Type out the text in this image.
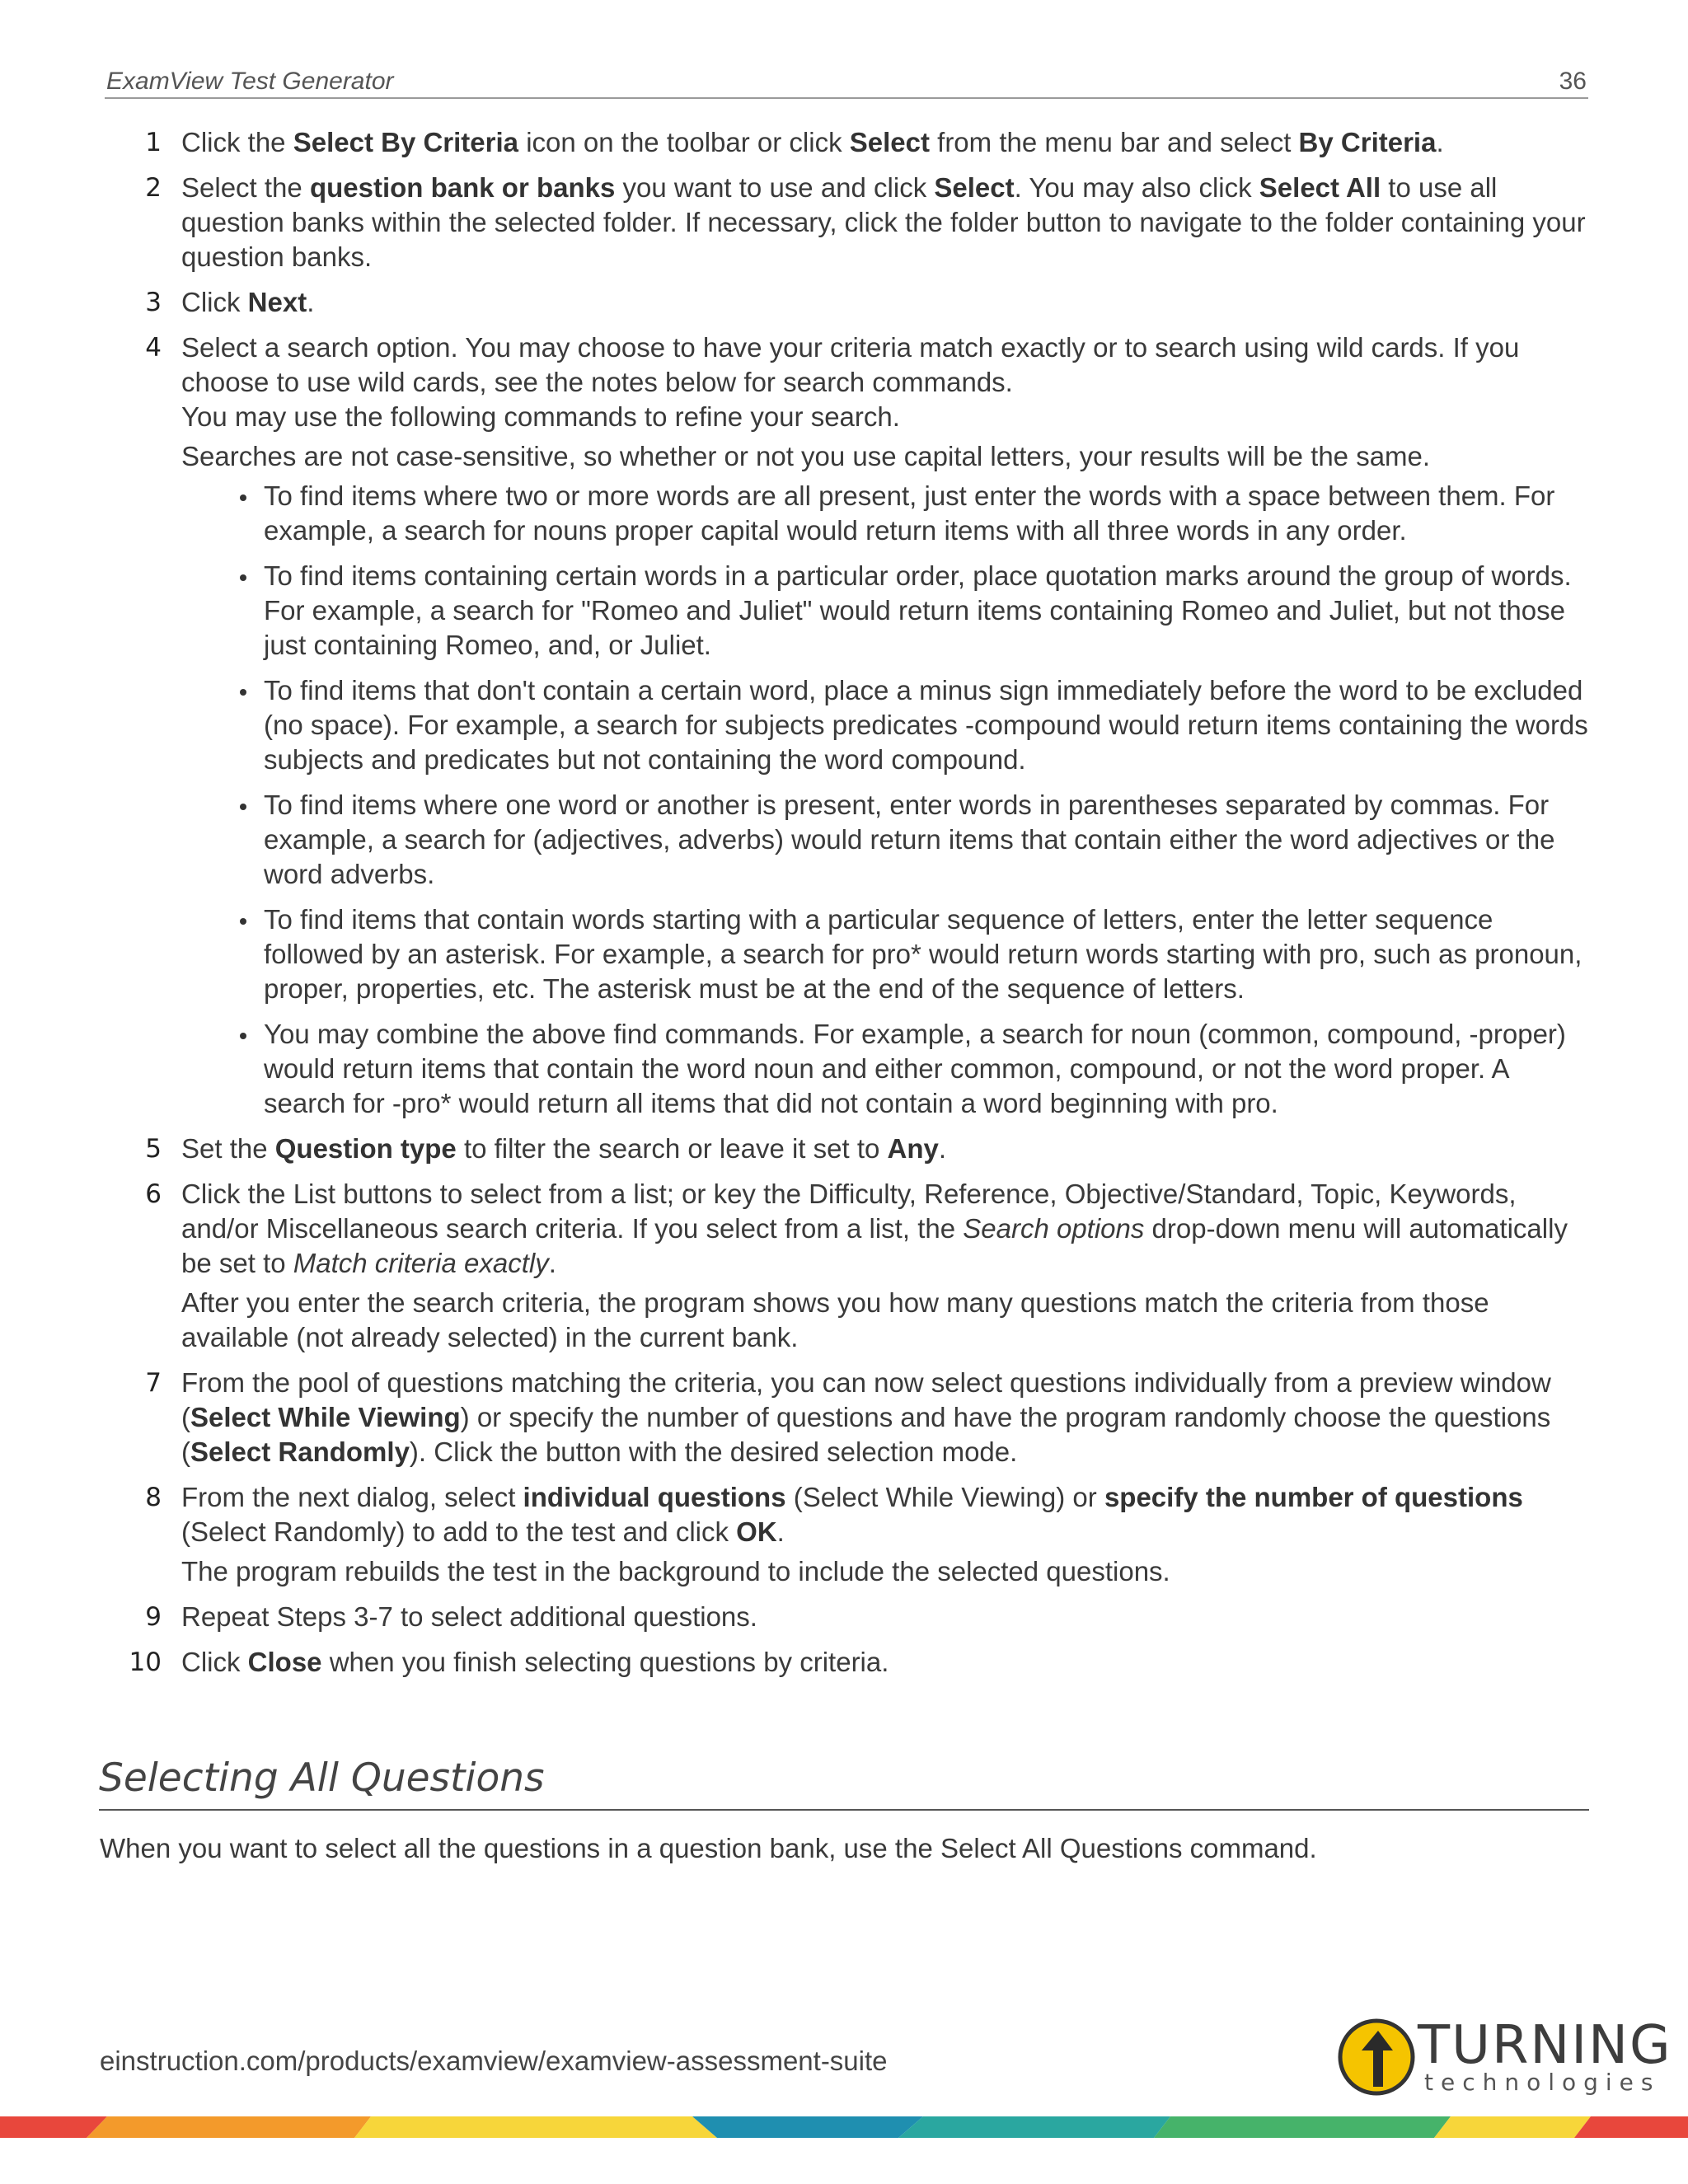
ExamView Test Generator	36
1 Click the Select By Criteria icon on the toolbar or click Select from the menu bar and select By Criteria.

2 Select the question bank or banks you want to use and click Select. You may also click Select All to use all question banks within the selected folder. If necessary, click the folder button to navigate to the folder containing your question banks.

3 Click Next.

4 Select a search option. You may choose to have your criteria match exactly or to search using wild cards. If you choose to use wild cards, see the notes below for search commands.

You may use the following commands to refine your search.

Searches are not case-sensitive, so whether or not you use capital letters, your results will be the same.

To find items where two or more words are all present, just enter the words with a space between them. For example, a search for nouns proper capital would return items with all three words in any order.
To find items containing certain words in a particular order, place quotation marks around the group of words. For example, a search for "Romeo and Juliet" would return items containing Romeo and Juliet, but not those just containing Romeo, and, or Juliet.
To find items that don't contain a certain word, place a minus sign immediately before the word to be excluded (no space). For example, a search for subjects predicates -compound would return items containing the words subjects and predicates but not containing the word compound.
To find items where one word or another is present, enter words in parentheses separated by commas. For example, a search for (adjectives, adverbs) would return items that contain either the word adjectives or the word adverbs.
To find items that contain words starting with a particular sequence of letters, enter the letter sequence followed by an asterisk. For example, a search for pro* would return words starting with pro, such as pronoun, proper, properties, etc. The asterisk must be at the end of the sequence of letters.
You may combine the above find commands. For example, a search for noun (common, compound, -proper) would return items that contain the word noun and either common, compound, or not the word proper. A search for -pro* would return all items that did not contain a word beginning with pro.
5 Set the Question type to filter the search or leave it set to Any.

6 Click the List buttons to select from a list; or key the Difficulty, Reference, Objective/Standard, Topic, Keywords, and/or Miscellaneous search criteria. If you select from a list, the Search options drop-down menu will automatically be set to Match criteria exactly.

After you enter the search criteria, the program shows you how many questions match the criteria from those available (not already selected) in the current bank.

7 From the pool of questions matching the criteria, you can now select questions individually from a preview window (Select While Viewing) or specify the number of questions and have the program randomly choose the questions (Select Randomly). Click the button with the desired selection mode.

8 From the next dialog, select individual questions (Select While Viewing) or specify the number of questions (Select Randomly) to add to the test and click OK.

The program rebuilds the test in the background to include the selected questions.

9 Repeat Steps 3-7 to select additional questions.

10 Click Close when you finish selecting questions by criteria.

Selecting All Questions

When you want to select all the questions in a question bank, use the Select All Questions command.

einstruction.com/products/examview/examview-assessment-suite	TURNING
technologies
